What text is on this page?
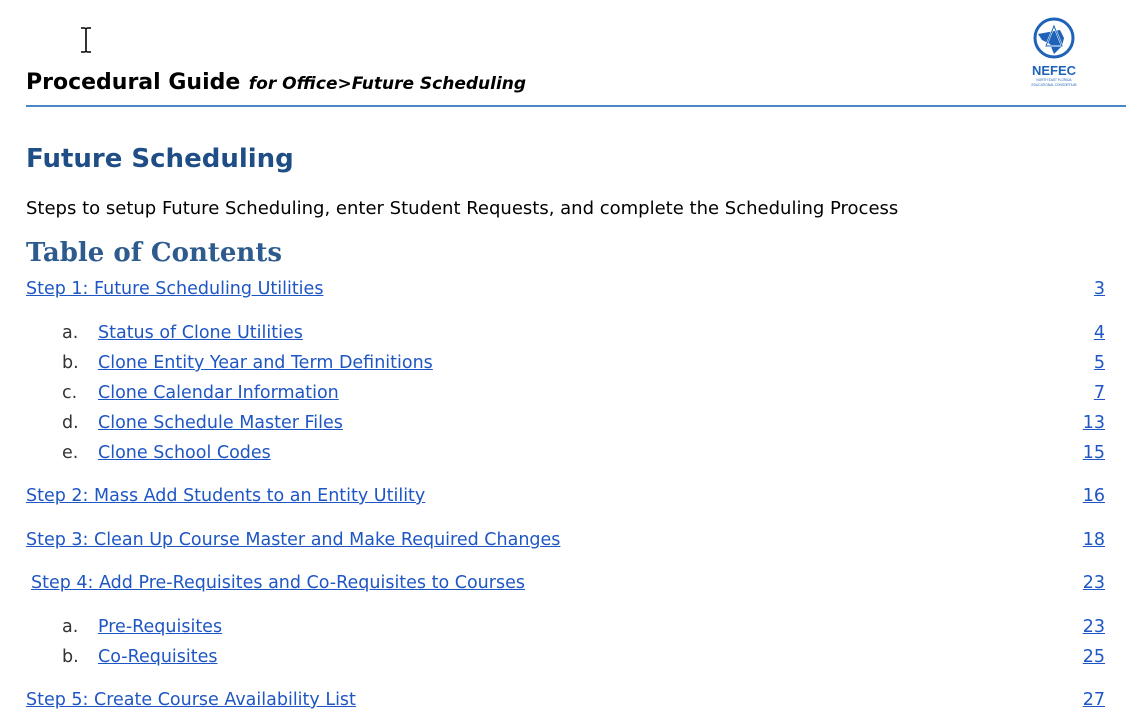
Procedural Guide for Office>Future Scheduling
NEFEC
NORTH EAST FLORIDA
EDUCATIONAL CONSORTIUM
Future Scheduling
Steps to setup Future Scheduling, enter Student Requests, and complete the Scheduling Process
Table of Contents
Step 1: Future Scheduling Utilities	3
a. Status of Clone Utilities	4
b. Clone Entity Year and Term Definitions	5
c. Clone Calendar Information	7
d. Clone Schedule Master Files	13
e. Clone School Codes	15
Step 2: Mass Add Students to an Entity Utility	16
Step 3: Clean Up Course Master and Make Required Changes	18
Step 4: Add Pre-Requisites and Co-Requisites to Courses	23
a. Pre-Requisites	23
b. Co-Requisites	25
Step 5: Create Course Availability List	27
